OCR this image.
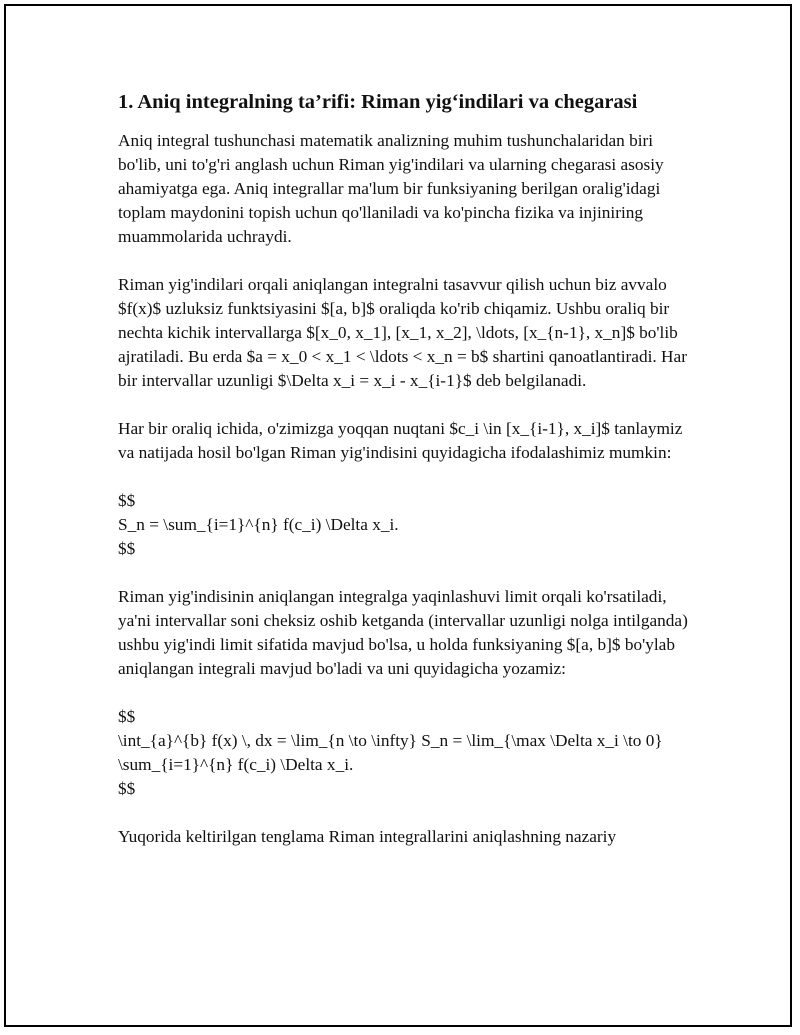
1. Aniq integralning ta’rifi: Riman yig‘indilari va chegarasi

Aniq integral tushunchasi matematik analizning muhim tushunchalaridan biri bo'lib, uni to'g'ri anglash uchun Riman yig'indilari va ularning chegarasi asosiy ahamiyatga ega. Aniq integrallar ma'lum bir funksiyaning berilgan oralig'idagi toplam maydonini topish uchun qo'llaniladi va ko'pincha fizika va injiniring muammolarida uchraydi.

Riman yig'indilari orqali aniqlangan integralni tasavvur qilish uchun biz avvalo $f(x)$ uzluksiz funktsiyasini $[a, b]$ oraliqda ko'rib chiqamiz. Ushbu oraliq bir nechta kichik intervallarga $[x_0, x_1], [x_1, x_2], \ldots, [x_{n-1}, x_n]$ bo'lib ajratiladi. Bu erda $a = x_0 < x_1 < \ldots < x_n = b$ shartini qanoatlantiradi. Har bir intervallar uzunligi $\Delta x_i = x_i - x_{i-1}$ deb belgilanadi.

Har bir oraliq ichida, o'zimizga yoqqan nuqtani $c_i \in [x_{i-1}, x_i]$ tanlaymiz va natijada hosil bo'lgan Riman yig'indisini quyidagicha ifodalashimiz mumkin:

$$
S_n = \sum_{i=1}^{n} f(c_i) \Delta x_i.
$$

Riman yig'indisinin aniqlangan integralga yaqinlashuvi limit orqali ko'rsatiladi, ya'ni intervallar soni cheksiz oshib ketganda (intervallar uzunligi nolga intilganda) ushbu yig'indi limit sifatida mavjud bo'lsa, u holda funksiyaning $[a, b]$ bo'ylab aniqlangan integrali mavjud bo'ladi va uni quyidagicha yozamiz:

$$
\int_{a}^{b} f(x) \, dx = \lim_{n \to \infty} S_n = \lim_{\max \Delta x_i \to 0} \sum_{i=1}^{n} f(c_i) \Delta x_i.
$$

Yuqorida keltirilgan tenglama Riman integrallarini aniqlashning nazariy
